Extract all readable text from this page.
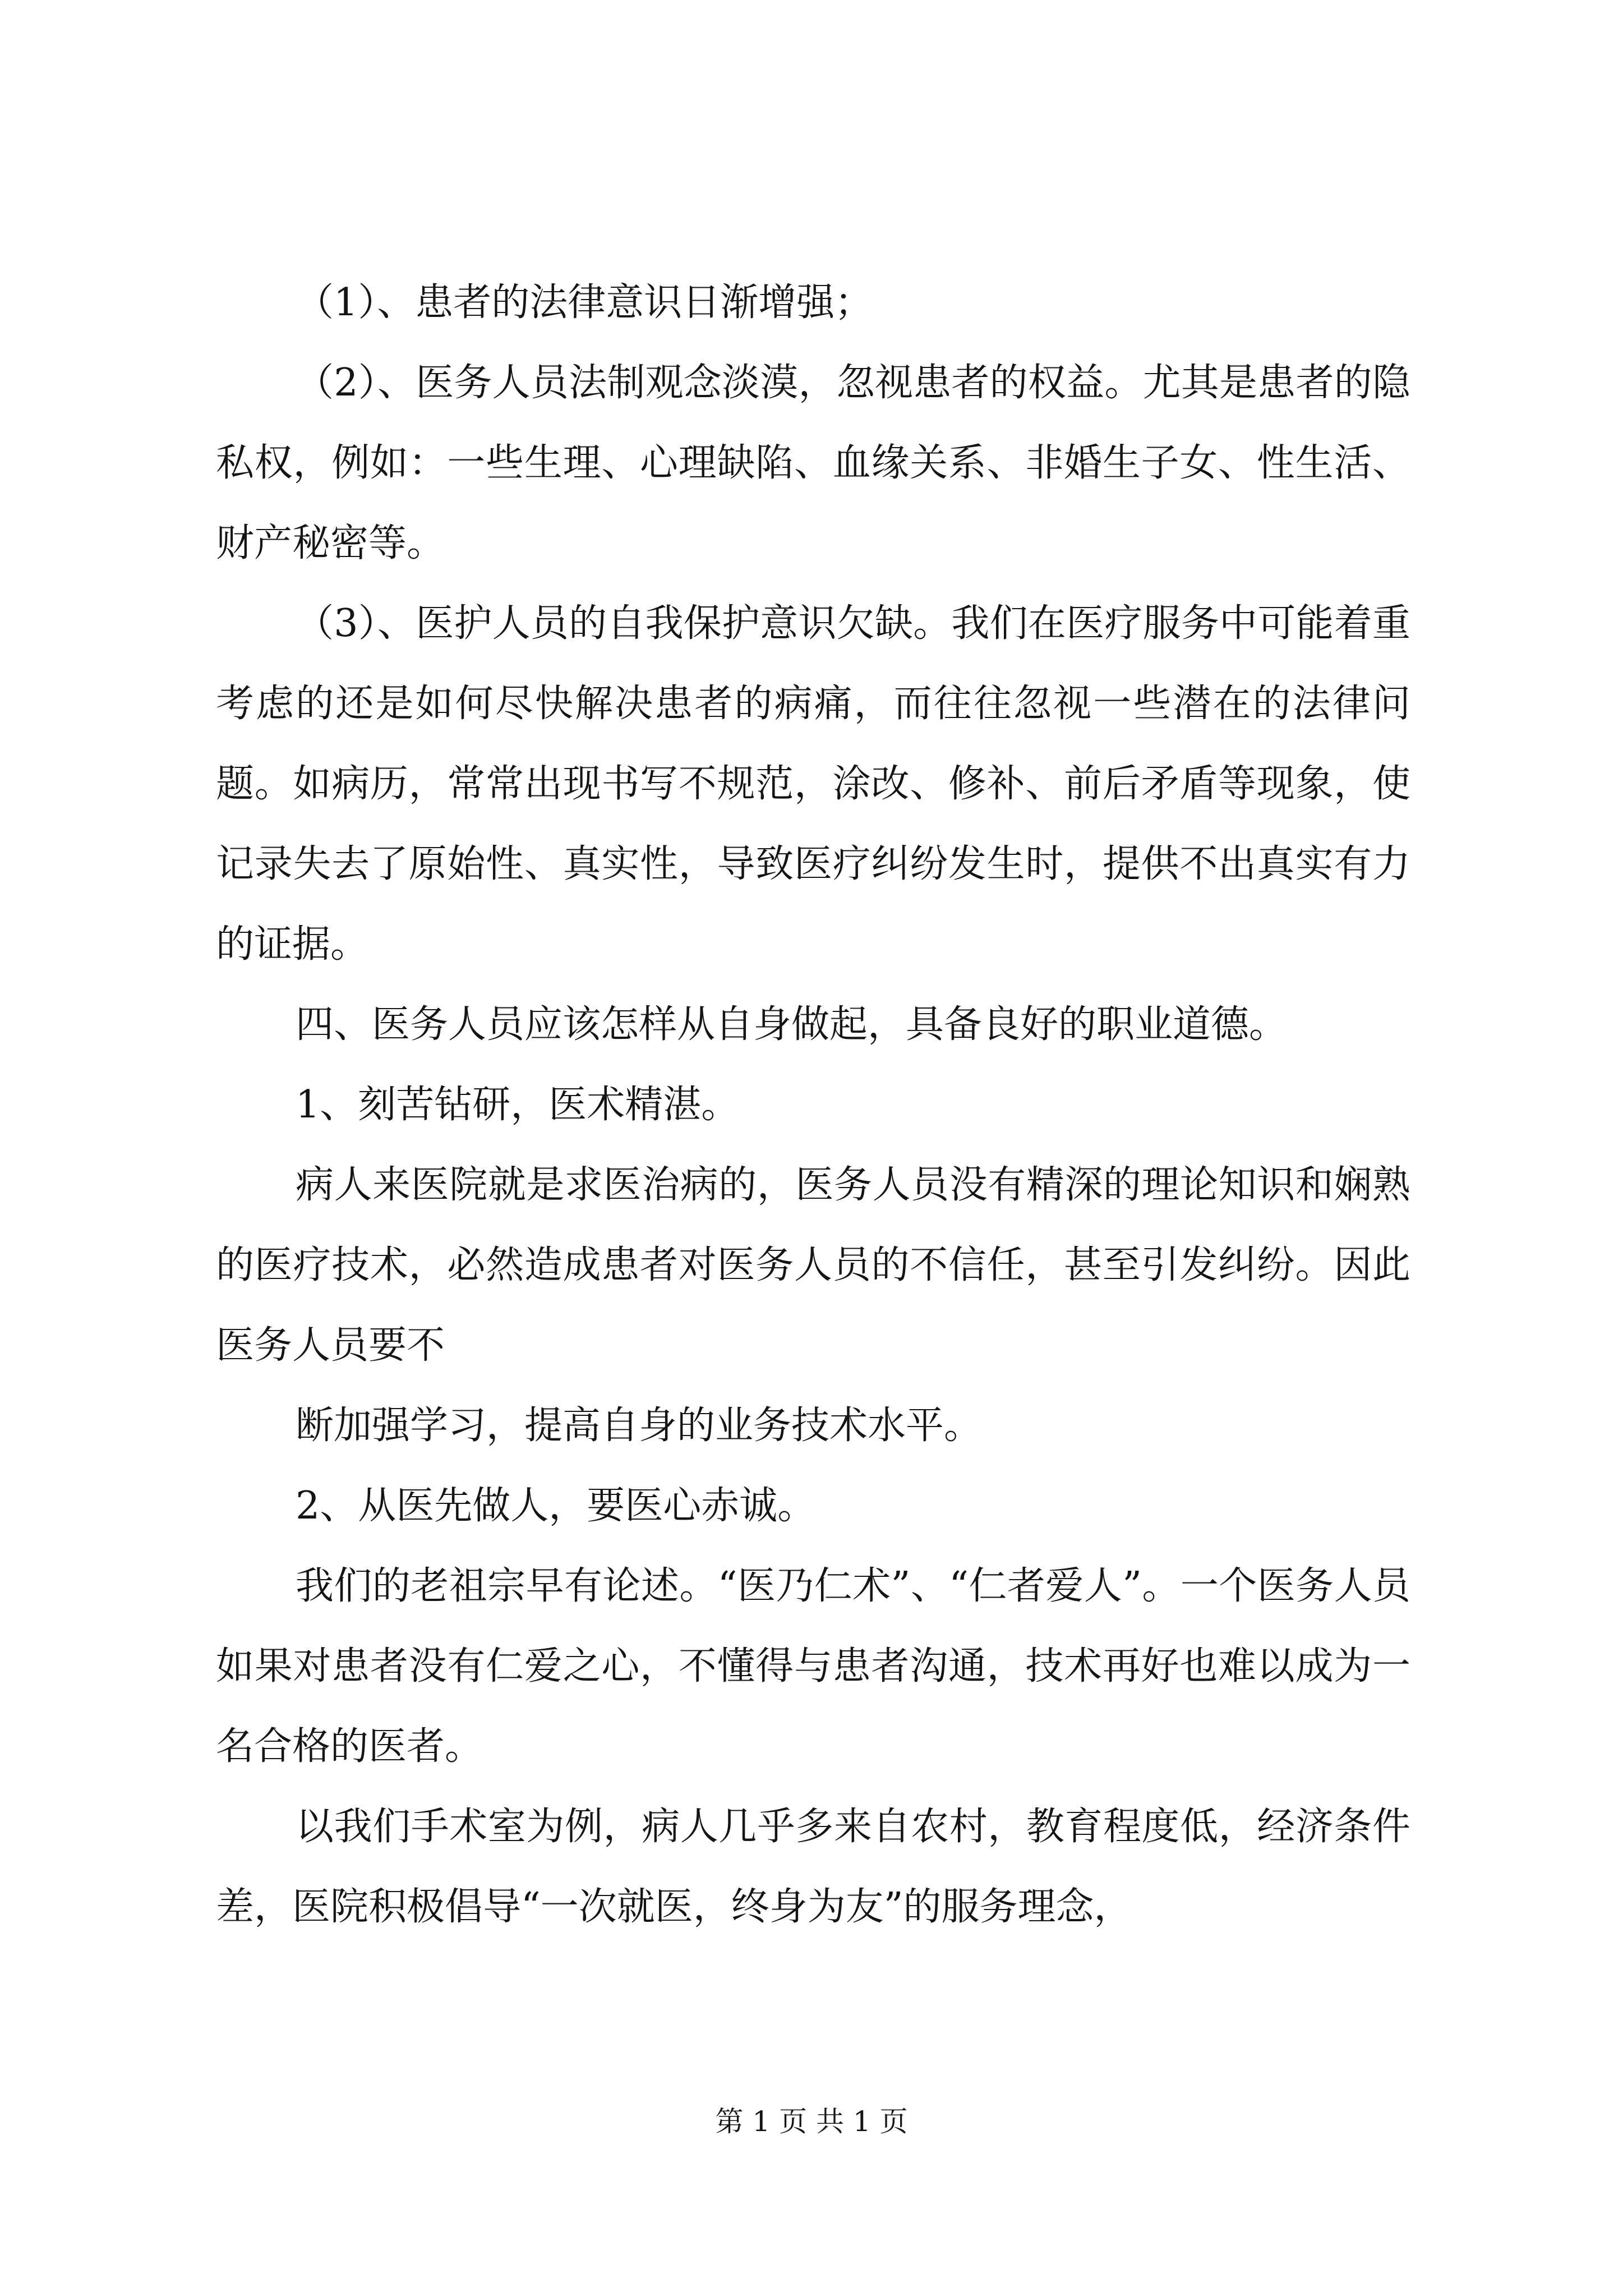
（1）、患者的法律意识日渐增强；

（2）、医务人员法制观念淡漠，忽视患者的权益。尤其是患者的隐私权，例如：一些生理、心理缺陷、血缘关系、非婚生子女、性生活、财产秘密等。

（3）、医护人员的自我保护意识欠缺。我们在医疗服务中可能着重考虑的还是如何尽快解决患者的病痛，而往往忽视一些潜在的法律问题。如病历，常常出现书写不规范，涂改、修补、前后矛盾等现象，使记录失去了原始性、真实性，导致医疗纠纷发生时，提供不出真实有力的证据。

四、医务人员应该怎样从自身做起，具备良好的职业道德。

1、刻苦钻研，医术精湛。

病人来医院就是求医治病的，医务人员没有精深的理论知识和娴熟的医疗技术，必然造成患者对医务人员的不信任，甚至引发纠纷。因此医务人员要不

断加强学习，提高自身的业务技术水平。

2、从医先做人，要医心赤诚。

我们的老祖宗早有论述。“医乃仁术”、“仁者爱人”。一个医务人员如果对患者没有仁爱之心，不懂得与患者沟通，技术再好也难以成为一名合格的医者。

以我们手术室为例，病人几乎多来自农村，教育程度低，经济条件差，医院积极倡导“一次就医，终身为友”的服务理念，

第 1 页 共 1 页
